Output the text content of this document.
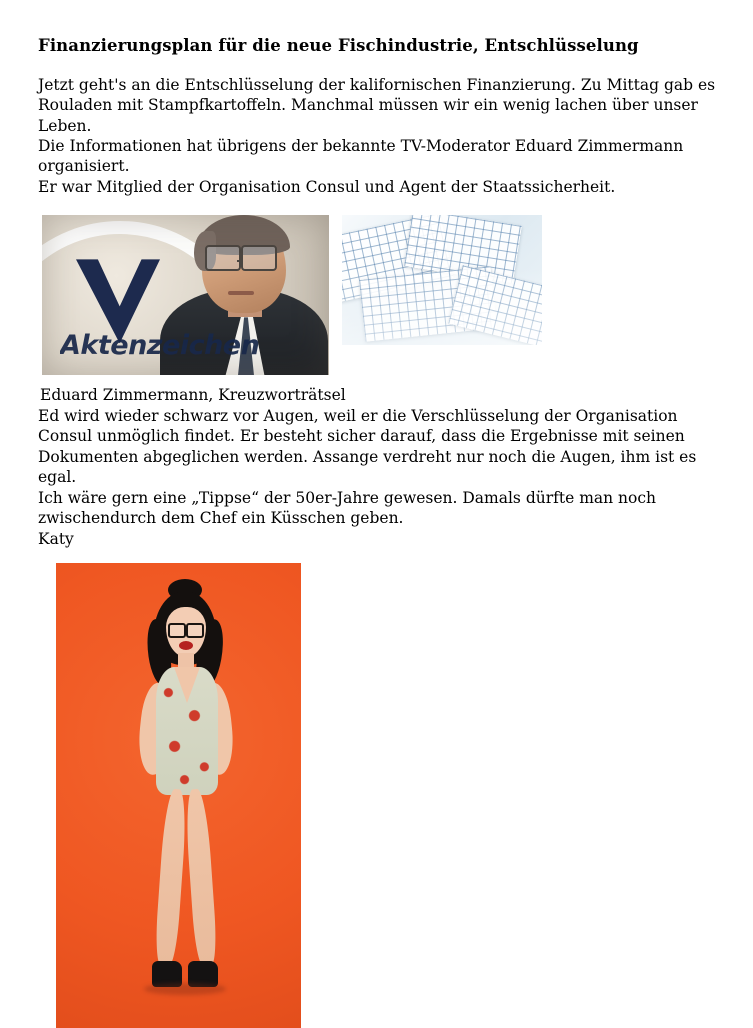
Finanzierungsplan für die neue Fischindustrie, Entschlüsselung

Jetzt geht's an die Entschlüsselung der kalifornischen Finanzierung. Zu Mittag gab es Rouladen mit Stampfkartoffeln. Manchmal müssen wir ein wenig lachen über unser Leben.

Die Informationen hat übrigens der bekannte TV-Moderator Eduard Zimmermann organisiert.

Er war Mitglied der Organisation Consul und Agent der Staatssicherheit.

Aktenzeichen

Eduard Zimmermann, Kreuzworträtsel

Ed wird wieder schwarz vor Augen, weil er die Verschlüsselung der Organisation Consul unmöglich findet. Er besteht sicher darauf, dass die Ergebnisse mit seinen Dokumenten abgeglichen werden. Assange verdreht nur noch die Augen, ihm ist es egal.

Ich wäre gern eine „Tippse“ der 50er-Jahre gewesen. Damals dürfte man noch zwischendurch dem Chef ein Küsschen geben.

Katy
